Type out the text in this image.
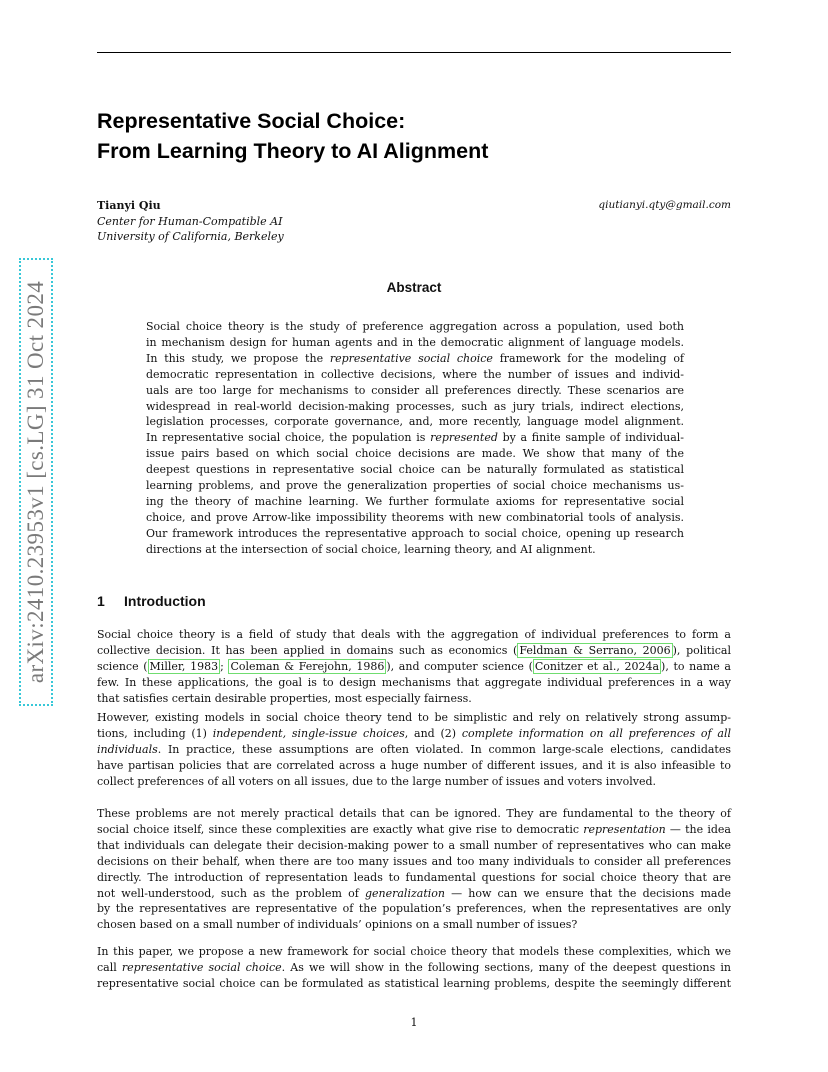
arXiv:2410.23953v1 [cs.LG] 31 Oct 2024
Representative Social Choice:
From Learning Theory to AI Alignment
Tianyi Qiu
Center for Human-Compatible AI
University of California, Berkeley
qiutianyi.qty@gmail.com
Abstract
Social choice theory is the study of preference aggregation across a population, used both
in mechanism design for human agents and in the democratic alignment of language models.
In this study, we propose the representative social choice framework for the modeling of
democratic representation in collective decisions, where the number of issues and individ-
uals are too large for mechanisms to consider all preferences directly. These scenarios are
widespread in real-world decision-making processes, such as jury trials, indirect elections,
legislation processes, corporate governance, and, more recently, language model alignment.
In representative social choice, the population is represented by a finite sample of individual-
issue pairs based on which social choice decisions are made. We show that many of the
deepest questions in representative social choice can be naturally formulated as statistical
learning problems, and prove the generalization properties of social choice mechanisms us-
ing the theory of machine learning. We further formulate axioms for representative social
choice, and prove Arrow-like impossibility theorems with new combinatorial tools of analysis.
Our framework introduces the representative approach to social choice, opening up research
directions at the intersection of social choice, learning theory, and AI alignment.
1 Introduction
Social choice theory is a field of study that deals with the aggregation of individual preferences to form a
collective decision. It has been applied in domains such as economics ( Feldman & Serrano, 2006 ), political
science ( Miller, 1983 ; Coleman & Ferejohn, 1986 ), and computer science ( Conitzer et al., 2024a ), to name a
few. In these applications, the goal is to design mechanisms that aggregate individual preferences in a way
that satisfies certain desirable properties, most especially fairness.
However, existing models in social choice theory tend to be simplistic and rely on relatively strong assump-
tions, including (1) independent, single-issue choices, and (2) complete information on all preferences of all
individuals. In practice, these assumptions are often violated. In common large-scale elections, candidates
have partisan policies that are correlated across a huge number of different issues, and it is also infeasible to
collect preferences of all voters on all issues, due to the large number of issues and voters involved.
These problems are not merely practical details that can be ignored. They are fundamental to the theory of
social choice itself, since these complexities are exactly what give rise to democratic representation — the idea
that individuals can delegate their decision-making power to a small number of representatives who can make
decisions on their behalf, when there are too many issues and too many individuals to consider all preferences
directly. The introduction of representation leads to fundamental questions for social choice theory that are
not well-understood, such as the problem of generalization — how can we ensure that the decisions made
by the representatives are representative of the population’s preferences, when the representatives are only
chosen based on a small number of individuals’ opinions on a small number of issues?
In this paper, we propose a new framework for social choice theory that models these complexities, which we
call representative social choice. As we will show in the following sections, many of the deepest questions in
representative social choice can be formulated as statistical learning problems, despite the seemingly different
1
